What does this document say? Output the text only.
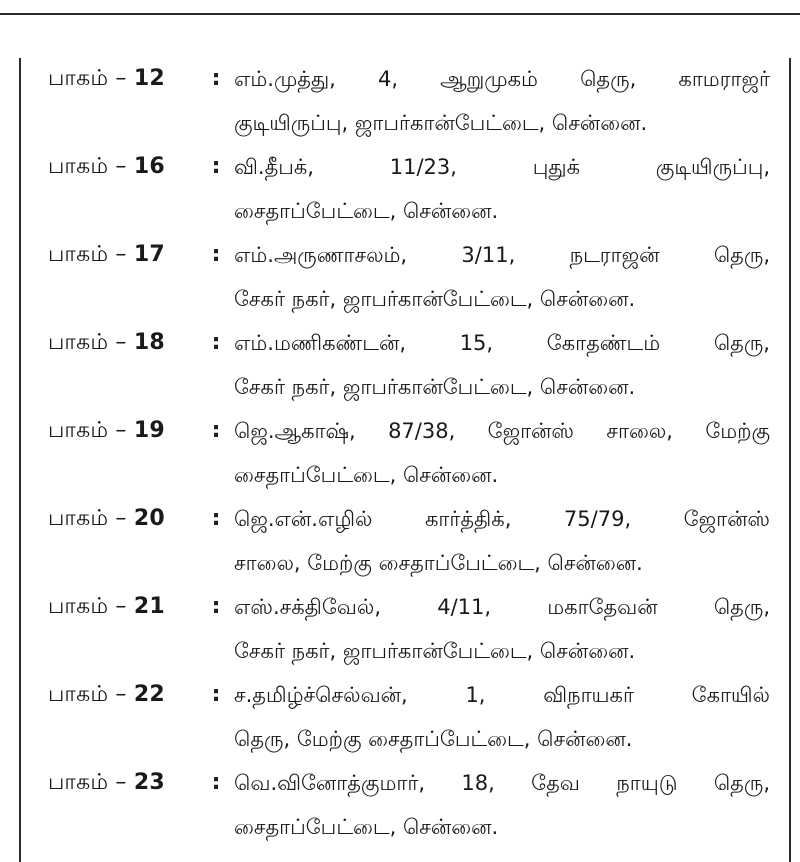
பாகம் – 12	: எம்.முத்து, 4, ஆறுமுகம் தெரு, காமராஜர்
குடியிருப்பு, ஜாபர்கான்பேட்டை, சென்னை.
பாகம் – 16	: வி.தீபக், 11/23, புதுக் குடியிருப்பு,
சைதாப்பேட்டை, சென்னை.
பாகம் – 17	: எம்.அருணாசலம், 3/11, நடராஜன் தெரு,
சேகர் நகர், ஜாபர்கான்பேட்டை, சென்னை.
பாகம் – 18	: எம்.மணிகண்டன், 15, கோதண்டம் தெரு,
சேகர் நகர், ஜாபர்கான்பேட்டை, சென்னை.
பாகம் – 19	: ஜெ.ஆகாஷ், 87/38, ஜோன்ஸ் சாலை, மேற்கு
சைதாப்பேட்டை, சென்னை.
பாகம் – 20	: ஜெ.என்.எழில் கார்த்திக், 75/79, ஜோன்ஸ்
சாலை, மேற்கு சைதாப்பேட்டை, சென்னை.
பாகம் – 21	: எஸ்.சக்திவேல், 4/11, மகாதேவன் தெரு,
சேகர் நகர், ஜாபர்கான்பேட்டை, சென்னை.
பாகம் – 22	: ச.தமிழ்ச்செல்வன், 1, விநாயகர் கோயில்
தெரு, மேற்கு சைதாப்பேட்டை, சென்னை.
பாகம் – 23	: வெ.வினோத்குமார், 18, தேவ நாயுடு தெரு,
சைதாப்பேட்டை, சென்னை.
